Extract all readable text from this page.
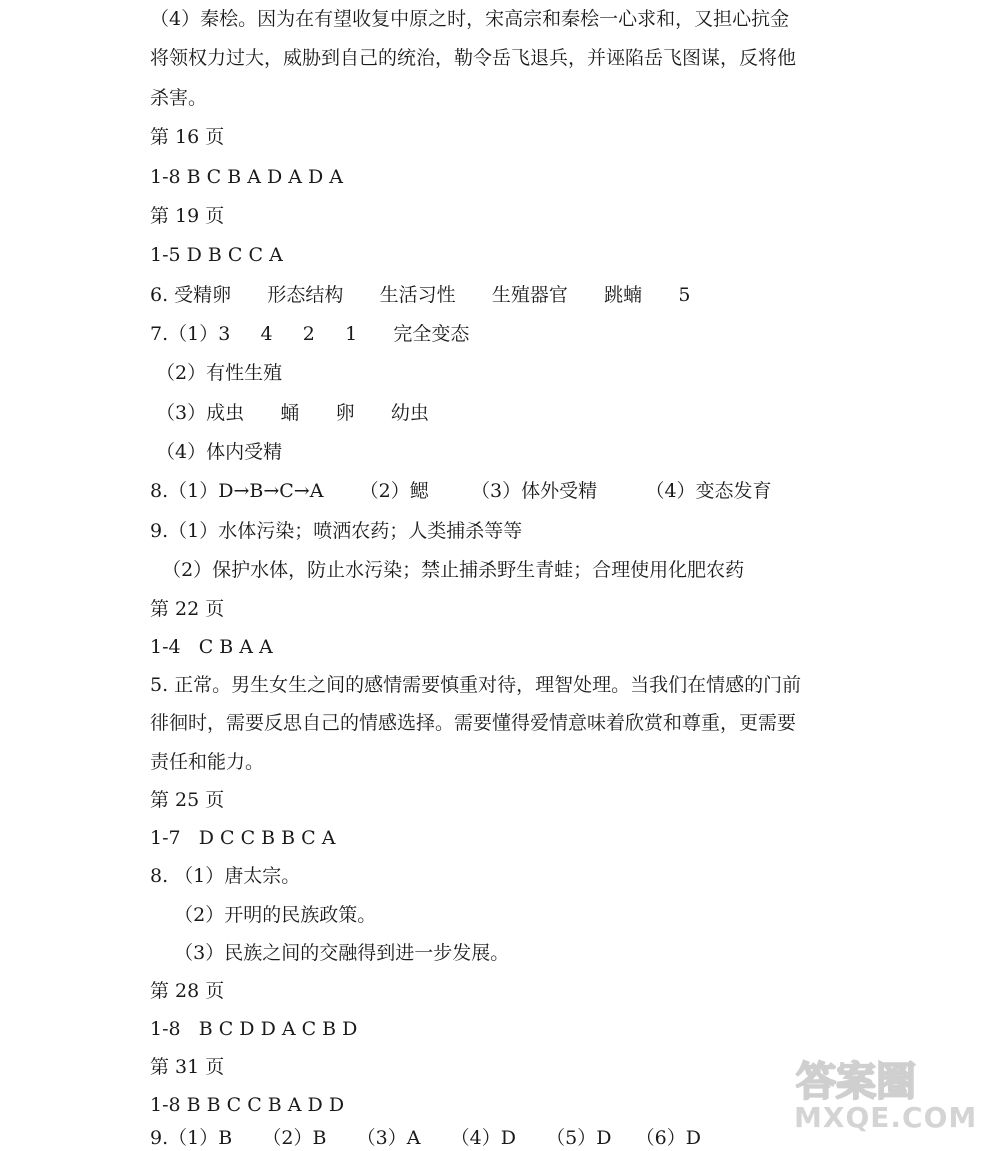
（4）秦桧。因为在有望收复中原之时，宋高宗和秦桧一心求和，又担心抗金
将领权力过大，威胁到自己的统治，勒令岳飞退兵，并诬陷岳飞图谋，反将他
杀害。
第 16 页
1-8 B C B A D A D A
第 19 页
1-5 D B C C A
6. 受精卵      形态结构      生活习性      生殖器官      跳蝻      5
7.（1）3     4     2     1      完全变态
（2）有性生殖
（3）成虫      蛹      卵      幼虫
（4）体内受精
8.（1）D→B→C→A      （2）鳃       （3）体外受精        （4）变态发育
9.（1）水体污染；喷洒农药；人类捕杀等等
（2）保护水体，防止水污染；禁止捕杀野生青蛙；合理使用化肥农药
第 22 页
1-4   C B A A
5. 正常。男生女生之间的感情需要慎重对待，理智处理。当我们在情感的门前
徘徊时，需要反思自己的情感选择。需要懂得爱情意味着欣赏和尊重，更需要
责任和能力。
第 25 页
1-7   D C C B B C A
8. （1）唐太宗。
（2）开明的民族政策。
（3）民族之间的交融得到进一步发展。
第 28 页
1-8   B C D D A C B D
第 31 页
1-8 B B C C B A D D
9.（1）B     （2）B     （3）A     （4）D     （5）D    （6）D
答案圈
MXQE.COM
